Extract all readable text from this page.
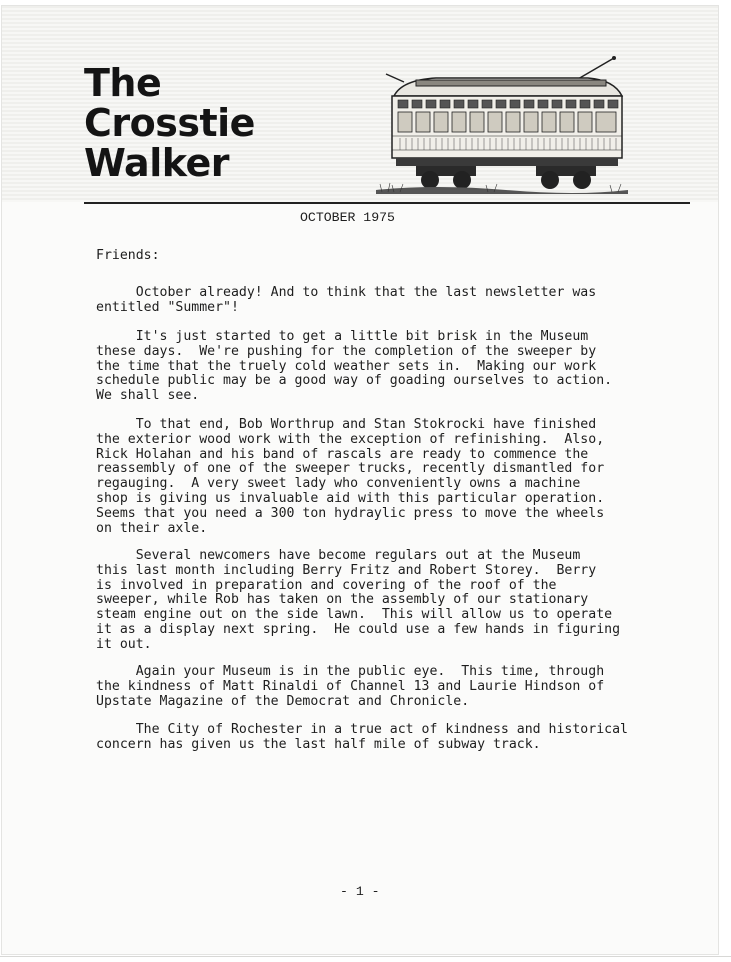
The
Crosstie
Walker
OCTOBER 1975
Friends:
October already! And to think that the last newsletter was
entitled "Summer"!
It's just started to get a little bit brisk in the Museum
these days.  We're pushing for the completion of the sweeper by
the time that the truely cold weather sets in.  Making our work
schedule public may be a good way of goading ourselves to action.
We shall see.
To that end, Bob Worthrup and Stan Stokrocki have finished
the exterior wood work with the exception of refinishing.  Also,
Rick Holahan and his band of rascals are ready to commence the
reassembly of one of the sweeper trucks, recently dismantled for
regauging.  A very sweet lady who conveniently owns a machine
shop is giving us invaluable aid with this particular operation.
Seems that you need a 300 ton hydraylic press to move the wheels
on their axle.
Several newcomers have become regulars out at the Museum
this last month including Berry Fritz and Robert Storey.  Berry
is involved in preparation and covering of the roof of the
sweeper, while Rob has taken on the assembly of our stationary
steam engine out on the side lawn.  This will allow us to operate
it as a display next spring.  He could use a few hands in figuring
it out.
Again your Museum is in the public eye.  This time, through
the kindness of Matt Rinaldi of Channel 13 and Laurie Hindson of
Upstate Magazine of the Democrat and Chronicle.
The City of Rochester in a true act of kindness and historical
concern has given us the last half mile of subway track.
- 1 -
